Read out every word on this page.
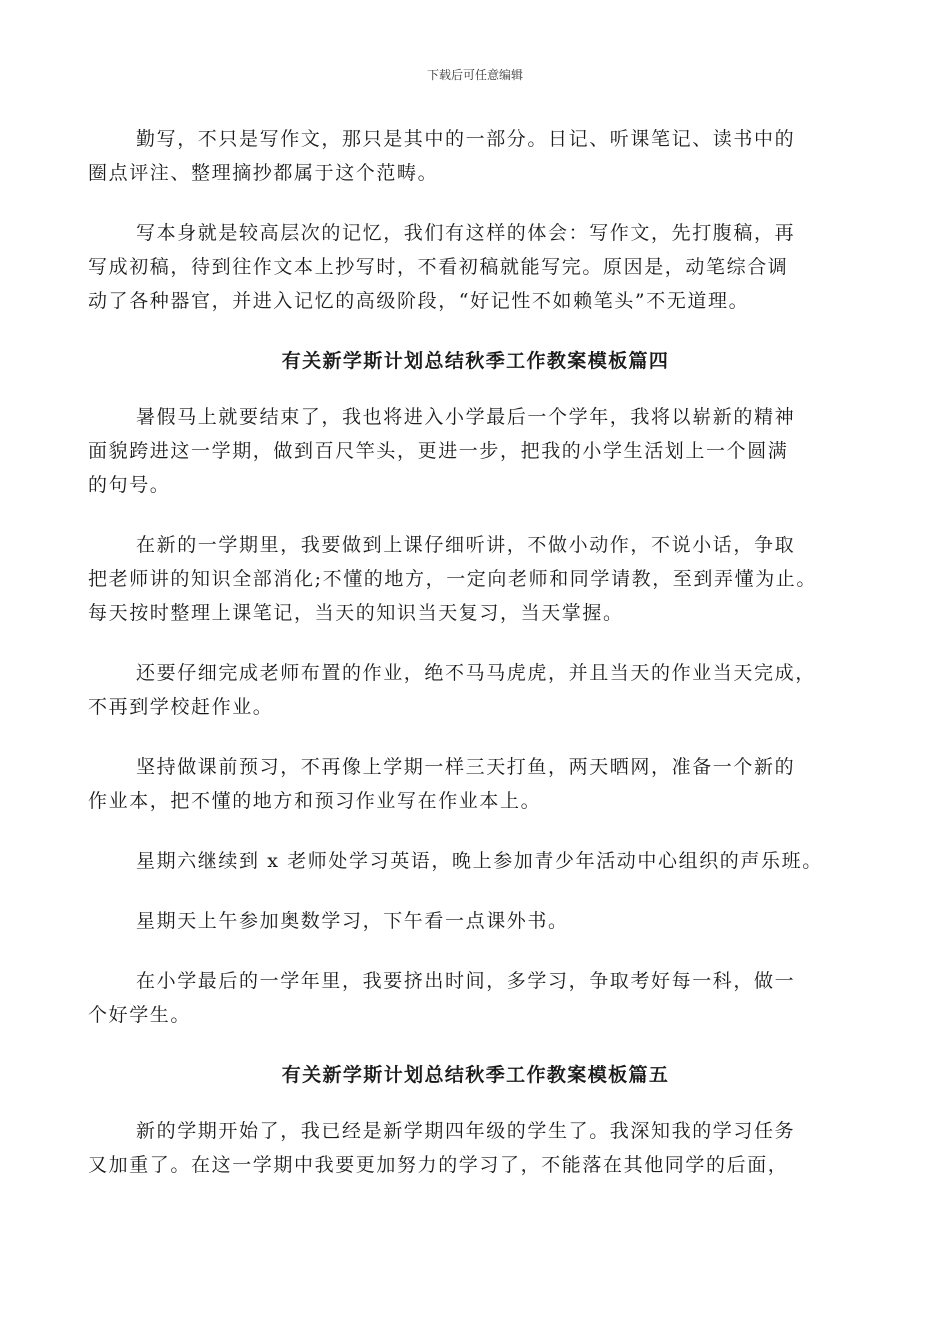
下载后可任意编辑
勤写，不只是写作文，那只是其中的一部分。日记、听课笔记、读书中的
圈点评注、整理摘抄都属于这个范畴。
写本身就是较高层次的记忆，我们有这样的体会：写作文，先打腹稿，再
写成初稿，待到往作文本上抄写时，不看初稿就能写完。原因是，动笔综合调
动了各种器官，并进入记忆的高级阶段，“好记性不如赖笔头”不无道理。
有关新学斯计划总结秋季工作教案模板篇四
暑假马上就要结束了，我也将进入小学最后一个学年，我将以崭新的精神
面貌跨进这一学期，做到百尺竿头，更进一步，把我的小学生活划上一个圆满
的句号。
在新的一学期里，我要做到上课仔细听讲，不做小动作，不说小话，争取
把老师讲的知识全部消化;不懂的地方，一定向老师和同学请教，至到弄懂为止。
每天按时整理上课笔记，当天的知识当天复习，当天掌握。
还要仔细完成老师布置的作业，绝不马马虎虎，并且当天的作业当天完成，
不再到学校赶作业。
坚持做课前预习，不再像上学期一样三天打鱼，两天晒网，准备一个新的
作业本，把不懂的地方和预习作业写在作业本上。
星期六继续到 x 老师处学习英语，晚上参加青少年活动中心组织的声乐班。
星期天上午参加奥数学习，下午看一点课外书。
在小学最后的一学年里，我要挤出时间，多学习，争取考好每一科，做一
个好学生。
有关新学斯计划总结秋季工作教案模板篇五
新的学期开始了，我已经是新学期四年级的学生了。我深知我的学习任务
又加重了。在这一学期中我要更加努力的学习了，不能落在其他同学的后面，
